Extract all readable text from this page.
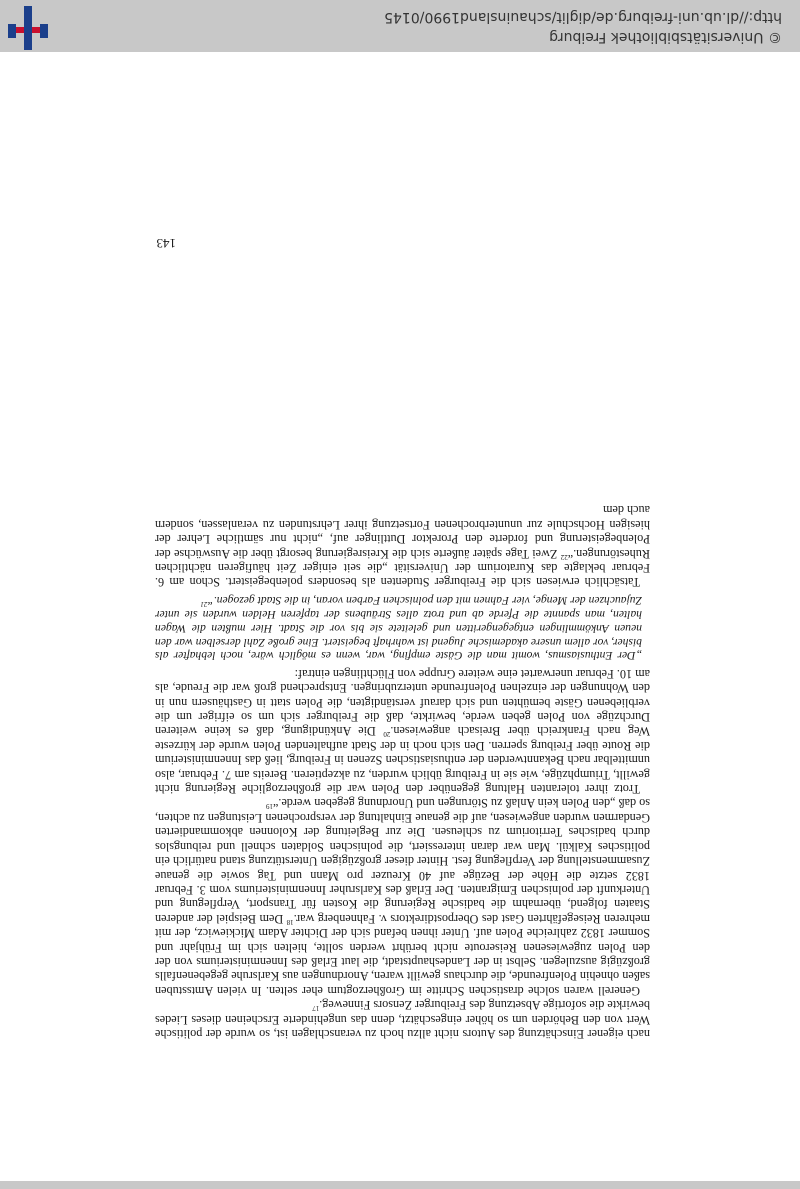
nach eigener Einschätzung des Autors nicht allzu hoch zu veranschlagen ist, so wurde der politische Wert von den Behörden um so höher eingeschätzt, denn das ungehinderte Erscheinen dieses Liedes bewirkte die sofortige Absetzung des Freiburger Zensors Finneweg.$^{17}$

Generell waren solche drastischen Schritte im Großherzogtum eher selten. In vielen Amtsstuben saßen ohnehin Polenfreunde, die durchaus gewillt waren, Anordnungen aus Karlsruhe gegebenenfalls großzügig auszulegen. Selbst in der Landeshauptstadt, die laut Erlaß des Innenministeriums von der den Polen zugewiesenen Reiseroute nicht berührt werden sollte, hielten sich im Frühjahr und Sommer 1832 zahlreiche Polen auf. Unter ihnen befand sich der Dichter Adam Mickiewicz, der mit mehreren Reisegefährten Gast des Oberpostdirektors v. Fahnenberg war.$^{18}$ Dem Beispiel der anderen Staaten folgend, übernahm die badische Regierung die Kosten für Transport, Verpflegung und Unterkunft der polnischen Emigranten. Der Erlaß des Karlsruher Innenministeriums vom 3. Februar 1832 setzte die Höhe der Bezüge auf 40 Kreuzer pro Mann und Tag sowie die genaue Zusammenstellung der Verpflegung fest. Hinter dieser großzügigen Unterstützung stand natürlich ein politisches Kalkül. Man war daran interessiert, die polnischen Soldaten schnell und reibungslos durch badisches Territorium zu schleusen. Die zur Begleitung der Kolonnen abkommandierten Gendarmen wurden angewiesen, auf die genaue Einhaltung der versprochenen Leistungen zu achten, so daß „den Polen kein Anlaß zu Störungen und Unordnung gegeben werde.“$^{19}$

Trotz ihrer toleranten Haltung gegenüber den Polen war die großherzogliche Regierung nicht gewillt, Triumphzüge, wie sie in Freiburg üblich wurden, zu akzeptieren. Bereits am 7. Februar, also unmittelbar nach Bekanntwerden der enthusiastischen Szenen in Freiburg, ließ das Innenministerium die Route über Freiburg sperren. Den sich noch in der Stadt aufhaltenden Polen wurde der kürzeste Weg nach Frankreich über Breisach angewiesen.$^{20}$ Die Ankündigung, daß es keine weiteren Durchzüge von Polen geben werde, bewirkte, daß die Freiburger sich um so eifriger um die verbliebenen Gäste bemühten und sich darauf verständigten, die Polen statt in Gasthäusern nun in den Wohnungen der einzelnen Polenfreunde unterzubringen. Entsprechend groß war die Freude, als am 10. Februar unerwartet eine weitere Gruppe von Flüchtlingen eintraf:

„Der Enthusiasmus, womit man die Gäste empfing, war, wenn es möglich wäre, noch lebhafter als bisher, vor allem unsere akademische Jugend ist wahrhaft begeistert. Eine große Zahl derselben war den neuen Ankömmlingen entgegengeritten und geleitete sie bis vor die Stadt. Hier mußten die Wagen halten, man spannte die Pferde ab und trotz alles Sträubens der tapferen Helden wurden sie unter Zujauchzen der Menge, vier Fahnen mit den polnischen Farben voran, in die Stadt gezogen.“$^{21}$

Tatsächlich erwiesen sich die Freiburger Studenten als besonders polenbegeistert. Schon am 6. Februar beklagte das Kuratorium der Universität „die seit einiger Zeit häufigeren nächtlichen Ruhestörungen.“$^{22}$ Zwei Tage später äußerte sich die Kreisregierung besorgt über die Auswüchse der Polenbegeisterung und forderte den Prorektor Duttlinger auf, „nicht nur sämtliche Lehrer der hiesigen Hochschule zur ununterbrochenen Fortsetzung ihrer Lehrstunden zu veranlassen, sondern auch dem

143
© Universitätsbibliothek Freiburg
http://dl.ub.uni-freiburg.de/diglit/schauinsland1990/0145
